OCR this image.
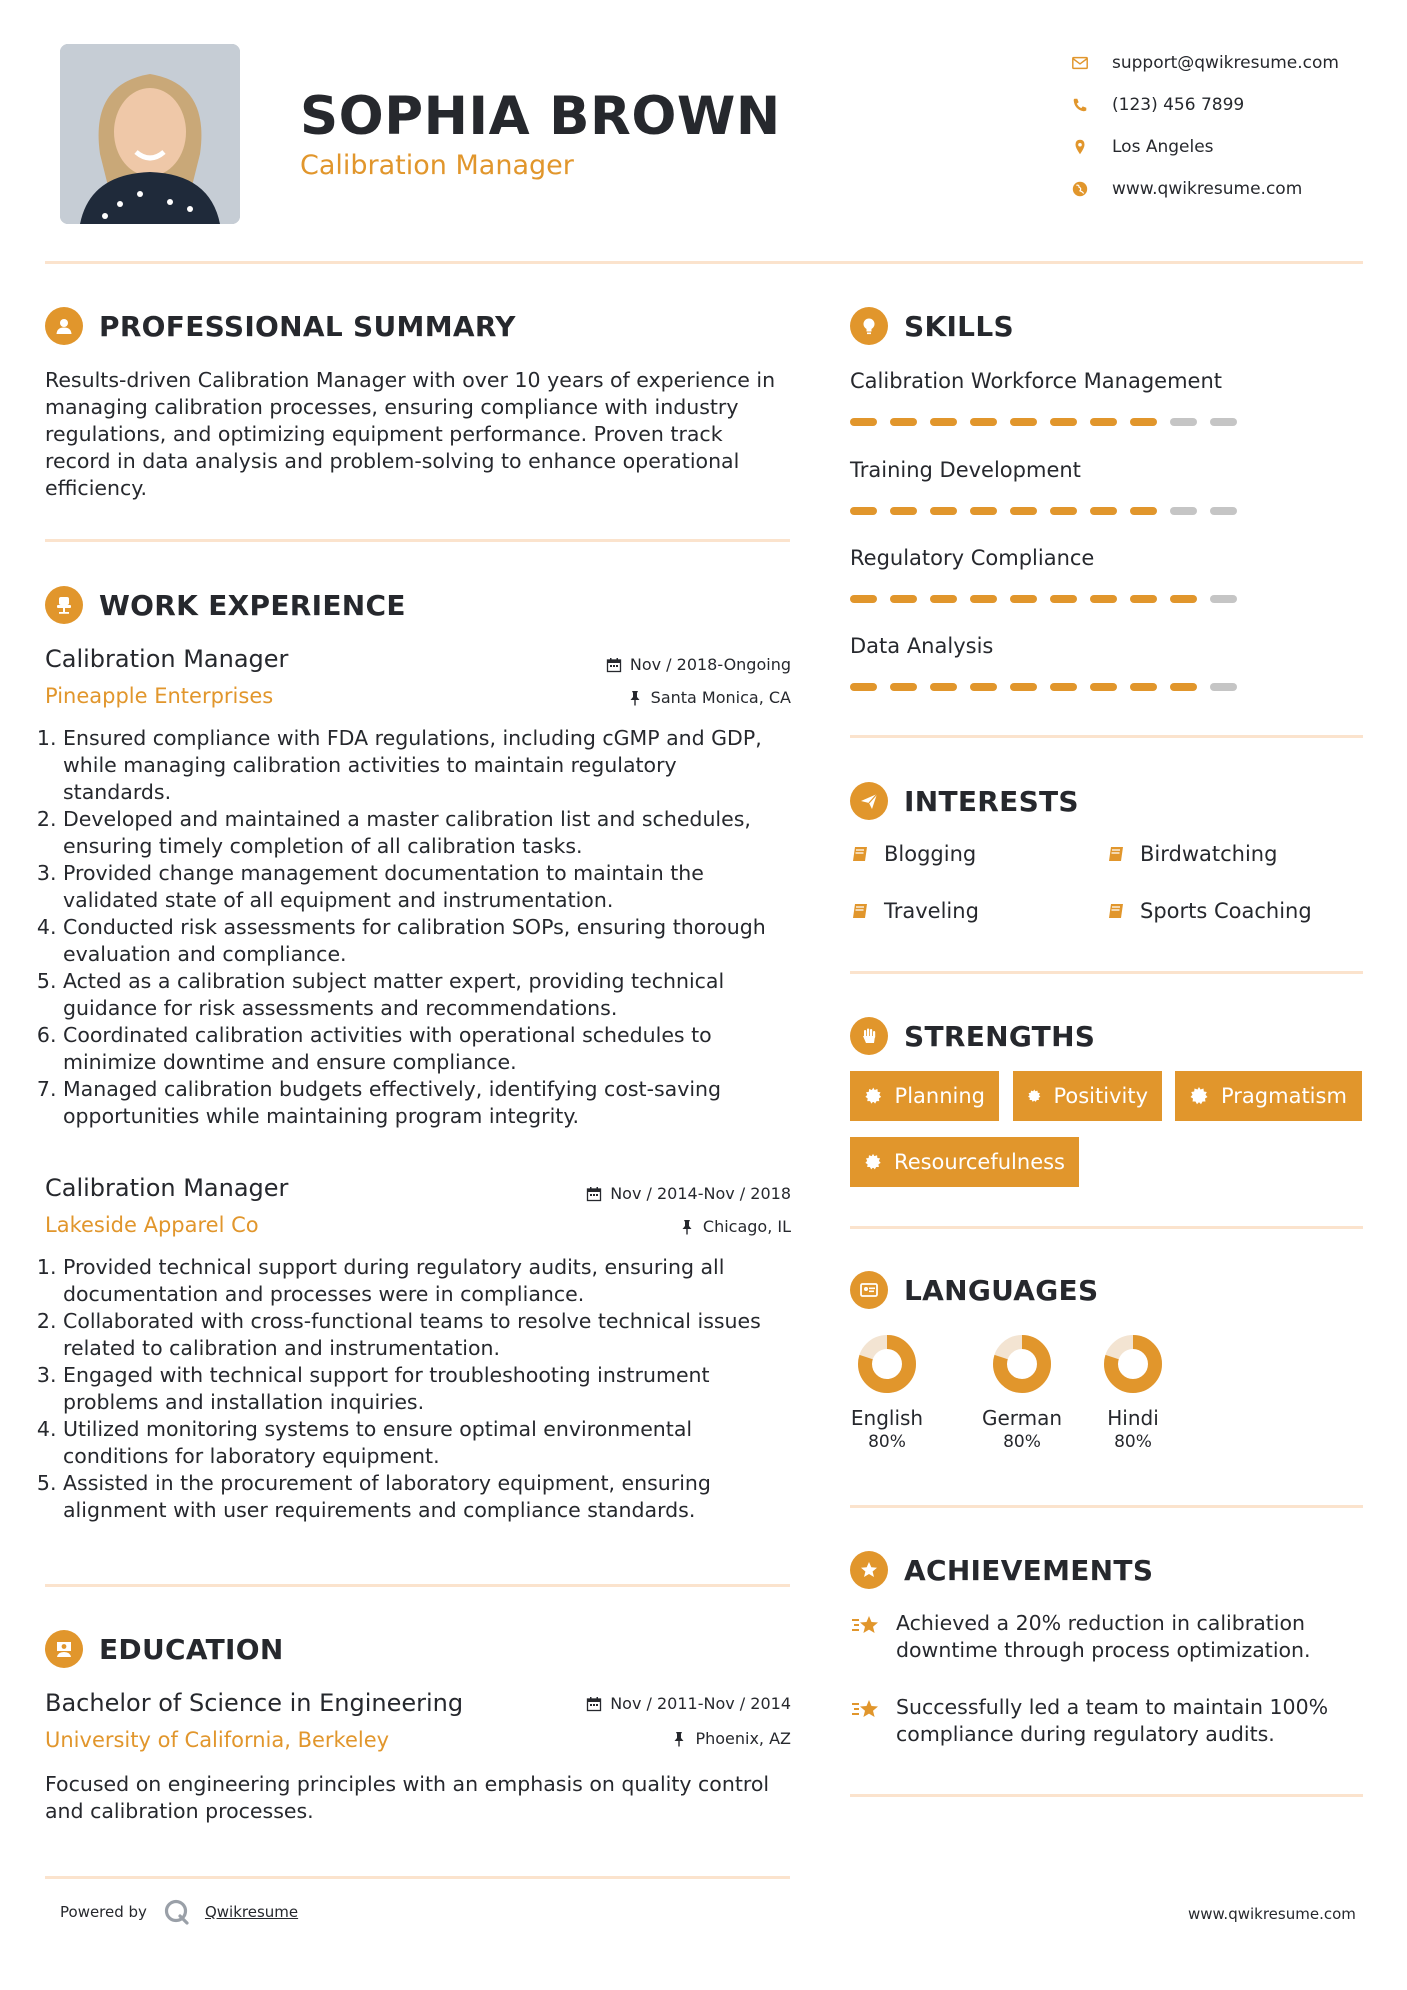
SOPHIA BROWN
Calibration Manager
support@qwikresume.com
(123) 456 7899
Los Angeles
www.qwikresume.com
PROFESSIONAL SUMMARY
Results-driven Calibration Manager with over 10 years of experience in managing calibration processes, ensuring compliance with industry regulations, and optimizing equipment performance. Proven track record in data analysis and problem-solving to enhance operational efficiency.
WORK EXPERIENCE
Calibration Manager
Pineapple Enterprises
Nov / 2018-Ongoing
Santa Monica, CA
1. Ensured compliance with FDA regulations, including cGMP and GDP, while managing calibration activities to maintain regulatory standards.
2. Developed and maintained a master calibration list and schedules, ensuring timely completion of all calibration tasks.
3. Provided change management documentation to maintain the validated state of all equipment and instrumentation.
4. Conducted risk assessments for calibration SOPs, ensuring thorough evaluation and compliance.
5. Acted as a calibration subject matter expert, providing technical guidance for risk assessments and recommendations.
6. Coordinated calibration activities with operational schedules to minimize downtime and ensure compliance.
7. Managed calibration budgets effectively, identifying cost-saving opportunities while maintaining program integrity.
Calibration Manager
Lakeside Apparel Co
Nov / 2014-Nov / 2018
Chicago, IL
1. Provided technical support during regulatory audits, ensuring all documentation and processes were in compliance.
2. Collaborated with cross-functional teams to resolve technical issues related to calibration and instrumentation.
3. Engaged with technical support for troubleshooting instrument problems and installation inquiries.
4. Utilized monitoring systems to ensure optimal environmental conditions for laboratory equipment.
5. Assisted in the procurement of laboratory equipment, ensuring alignment with user requirements and compliance standards.
EDUCATION
Bachelor of Science in Engineering
University of California, Berkeley
Nov / 2011-Nov / 2014
Phoenix, AZ
Focused on engineering principles with an emphasis on quality control and calibration processes.
SKILLS
Calibration Workforce Management
Training Development
Regulatory Compliance
Data Analysis
INTERESTS
Blogging	Birdwatching
Traveling	Sports Coaching
STRENGTHS
Planning	Positivity	Pragmatism
Resourcefulness
LANGUAGES
English
80%
German
80%
Hindi
80%
ACHIEVEMENTS
Achieved a 20% reduction in calibration downtime through process optimization.
Successfully led a team to maintain 100% compliance during regulatory audits.
Powered by	Qwikresume	www.qwikresume.com
